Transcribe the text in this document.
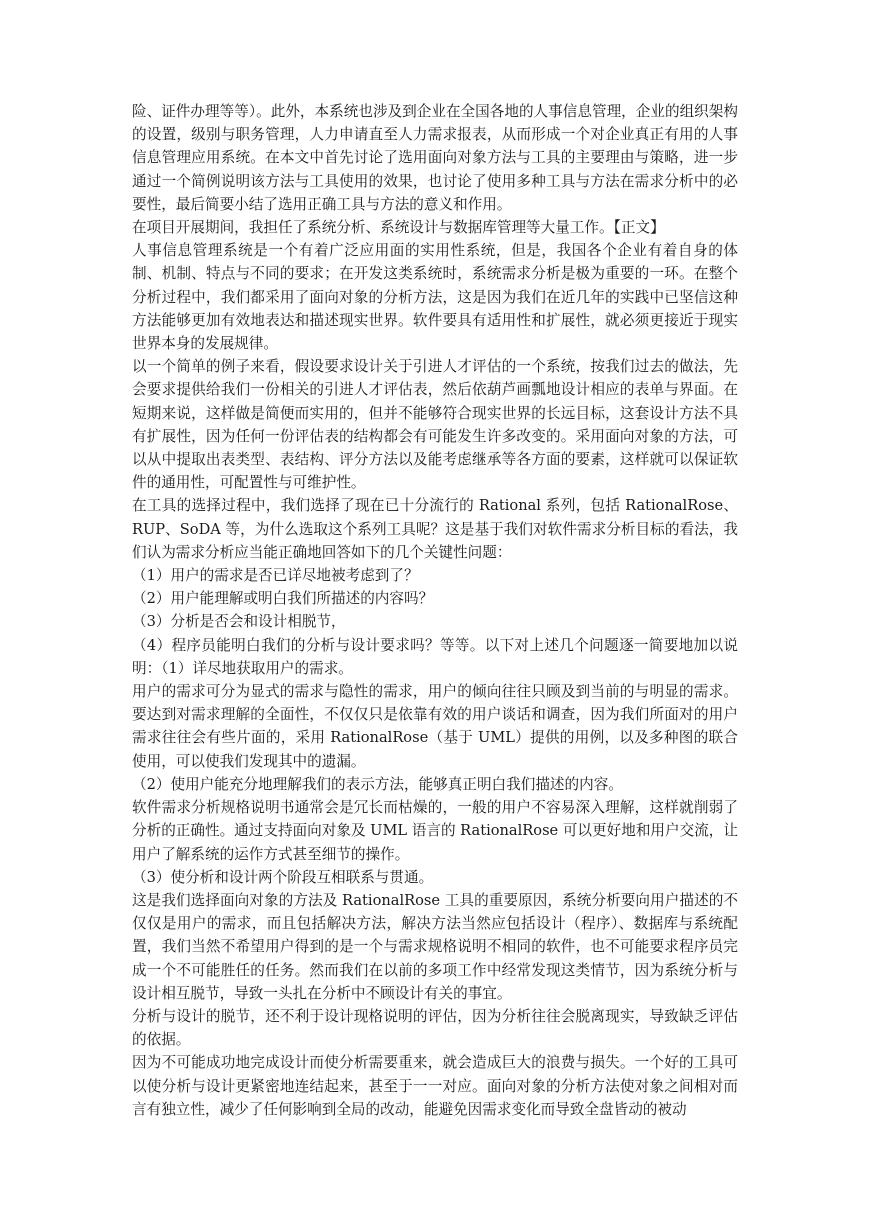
险、证件办理等等）。此外，本系统也涉及到企业在全国各地的人事信息管理，企业的组织架构的设置，级别与职务管理，人力申请直至人力需求报表，从而形成一个对企业真正有用的人事信息管理应用系统。在本文中首先讨论了选用面向对象方法与工具的主要理由与策略，进一步通过一个简例说明该方法与工具使用的效果，也讨论了使用多种工具与方法在需求分析中的必要性，最后简要小结了选用正确工具与方法的意义和作用。

在项目开展期间，我担任了系统分析、系统设计与数据库管理等大量工作。【正文】

人事信息管理系统是一个有着广泛应用面的实用性系统，但是，我国各个企业有着自身的体制、机制、特点与不同的要求；在开发这类系统时，系统需求分析是极为重要的一环。在整个分析过程中，我们都采用了面向对象的分析方法，这是因为我们在近几年的实践中已坚信这种方法能够更加有效地表达和描述现实世界。软件要具有适用性和扩展性，就必须更接近于现实世界本身的发展规律。

以一个简单的例子来看，假设要求设计关于引进人才评估的一个系统，按我们过去的做法，先会要求提供给我们一份相关的引进人才评估表，然后依葫芦画瓢地设计相应的表单与界面。在短期来说，这样做是简便而实用的，但并不能够符合现实世界的长远目标，这套设计方法不具有扩展性，因为任何一份评估表的结构都会有可能发生许多改变的。采用面向对象的方法，可以从中提取出表类型、表结构、评分方法以及能考虑继承等各方面的要素，这样就可以保证软件的通用性，可配置性与可维护性。

在工具的选择过程中，我们选择了现在已十分流行的 Rational 系列，包括 RationalRose、RUP、SoDA 等，为什么选取这个系列工具呢？这是基于我们对软件需求分析目标的看法，我们认为需求分析应当能正确地回答如下的几个关键性问题：

（1）用户的需求是否已详尽地被考虑到了？

（2）用户能理解或明白我们所描述的内容吗？

（3）分析是否会和设计相脱节，

（4）程序员能明白我们的分析与设计要求吗？等等。以下对上述几个问题逐一简要地加以说明：（1）详尽地获取用户的需求。

用户的需求可分为显式的需求与隐性的需求，用户的倾向往往只顾及到当前的与明显的需求。要达到对需求理解的全面性，不仅仅只是依靠有效的用户谈话和调查，因为我们所面对的用户需求往往会有些片面的，采用 RationalRose（基于 UML）提供的用例，以及多种图的联合使用，可以使我们发现其中的遗漏。

（2）使用户能充分地理解我们的表示方法，能够真正明白我们描述的内容。

软件需求分析规格说明书通常会是冗长而枯燥的，一般的用户不容易深入理解，这样就削弱了分析的正确性。通过支持面向对象及 UML 语言的 RationalRose 可以更好地和用户交流，让用户了解系统的运作方式甚至细节的操作。

（3）使分析和设计两个阶段互相联系与贯通。

这是我们选择面向对象的方法及 RationalRose 工具的重要原因，系统分析要向用户描述的不仅仅是用户的需求，而且包括解决方法，解决方法当然应包括设计（程序）、数据库与系统配置，我们当然不希望用户得到的是一个与需求规格说明不相同的软件，也不可能要求程序员完成一个不可能胜任的任务。然而我们在以前的多项工作中经常发现这类情节，因为系统分析与设计相互脱节，导致一头扎在分析中不顾设计有关的事宜。

分析与设计的脱节，还不利于设计现格说明的评估，因为分析往往会脱离现实，导致缺乏评估的依据。

因为不可能成功地完成设计而使分析需要重来，就会造成巨大的浪费与损失。一个好的工具可以使分析与设计更紧密地连结起来，甚至于一一对应。面向对象的分析方法使对象之间相对而言有独立性，减少了任何影响到全局的改动，能避免因需求变化而导致全盘皆动的被动
